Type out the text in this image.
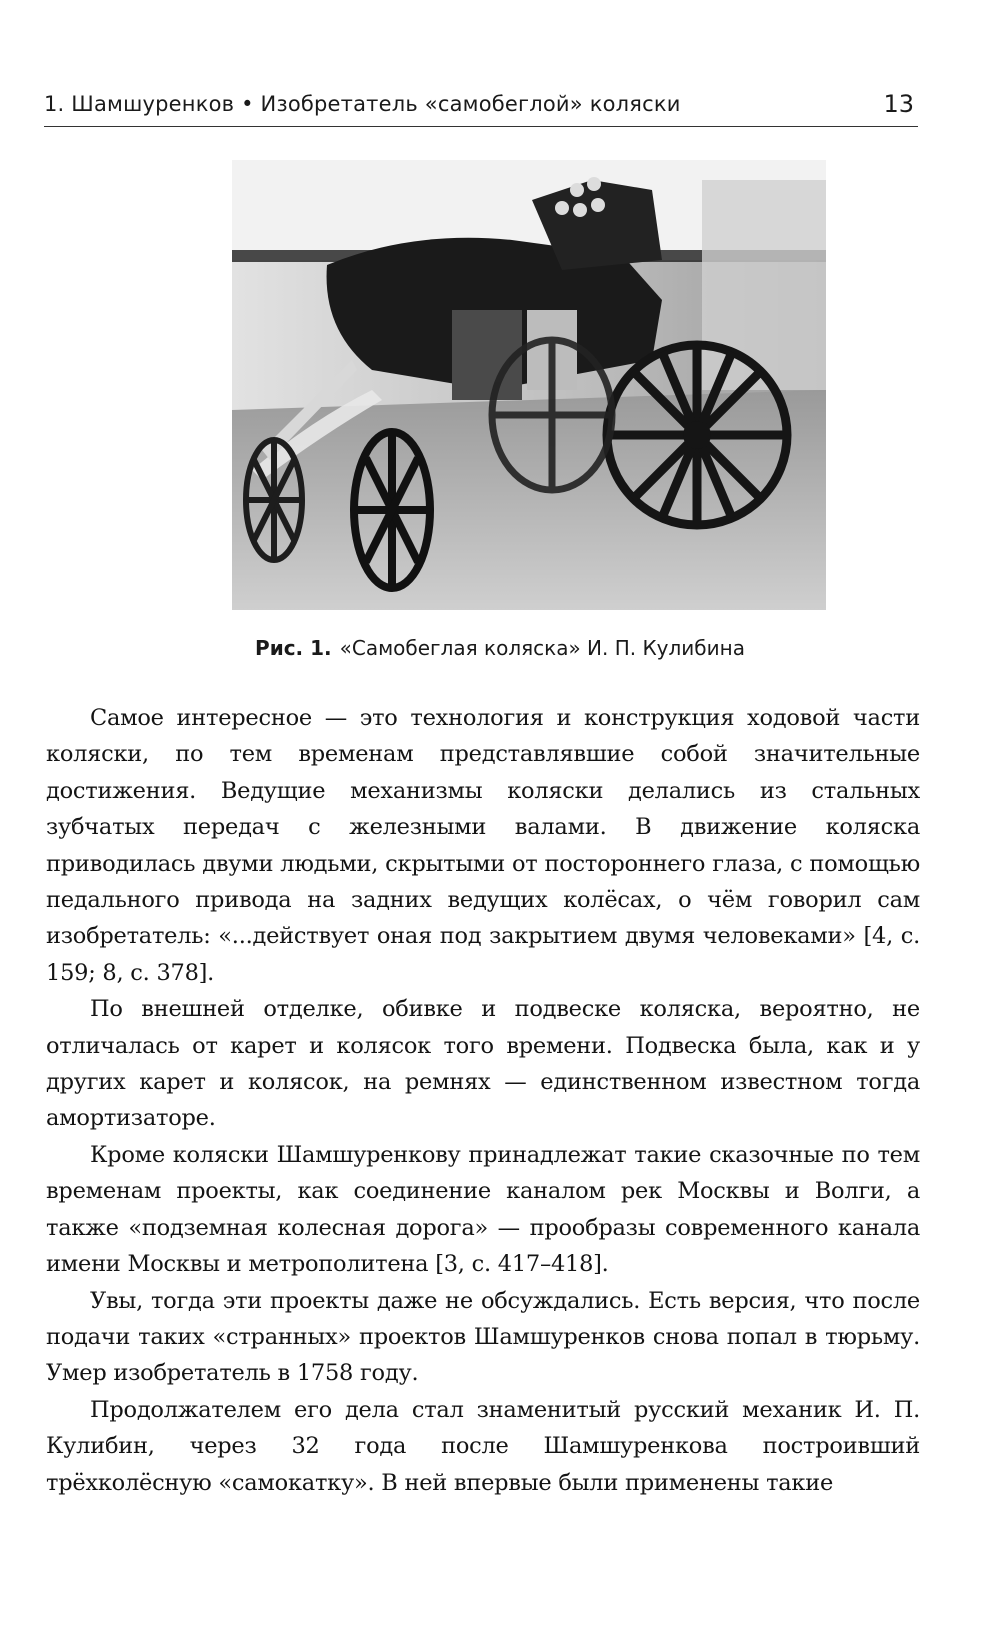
1. Шамшуренков • Изобретатель «самобеглой» коляски	13
Рис. 1. «Самобеглая коляска» И. П. Кулибина

Самое интересное — это технология и конструкция ходовой части коляски, по тем временам представлявшие собой значительные достижения. Ведущие механизмы коляски делались из стальных зубчатых передач с железными валами. В движение коляска приводилась двуми людьми, скрытыми от постороннего глаза, с помощью педального привода на задних ведущих колёсах, о чём говорил сам изобретатель: «...действует оная под закрытием двумя человеками» [4, с. 159; 8, с. 378].

По внешней отделке, обивке и подвеске коляска, вероятно, не отличалась от карет и колясок того времени. Подвеска была, как и у других карет и колясок, на ремнях — единственном известном тогда амортизаторе.

Кроме коляски Шамшуренкову принадлежат такие сказочные по тем временам проекты, как соединение каналом рек Москвы и Волги, а также «подземная колесная дорога» — прообразы современного канала имени Москвы и метрополитена [3, с. 417–418].

Увы, тогда эти проекты даже не обсуждались. Есть версия, что после подачи таких «странных» проектов Шамшуренков снова попал в тюрьму. Умер изобретатель в 1758 году.

Продолжателем его дела стал знаменитый русский механик И. П. Кулибин, через 32 года после Шамшуренкова построивший трёхколёсную «самокатку». В ней впервые были применены такие
